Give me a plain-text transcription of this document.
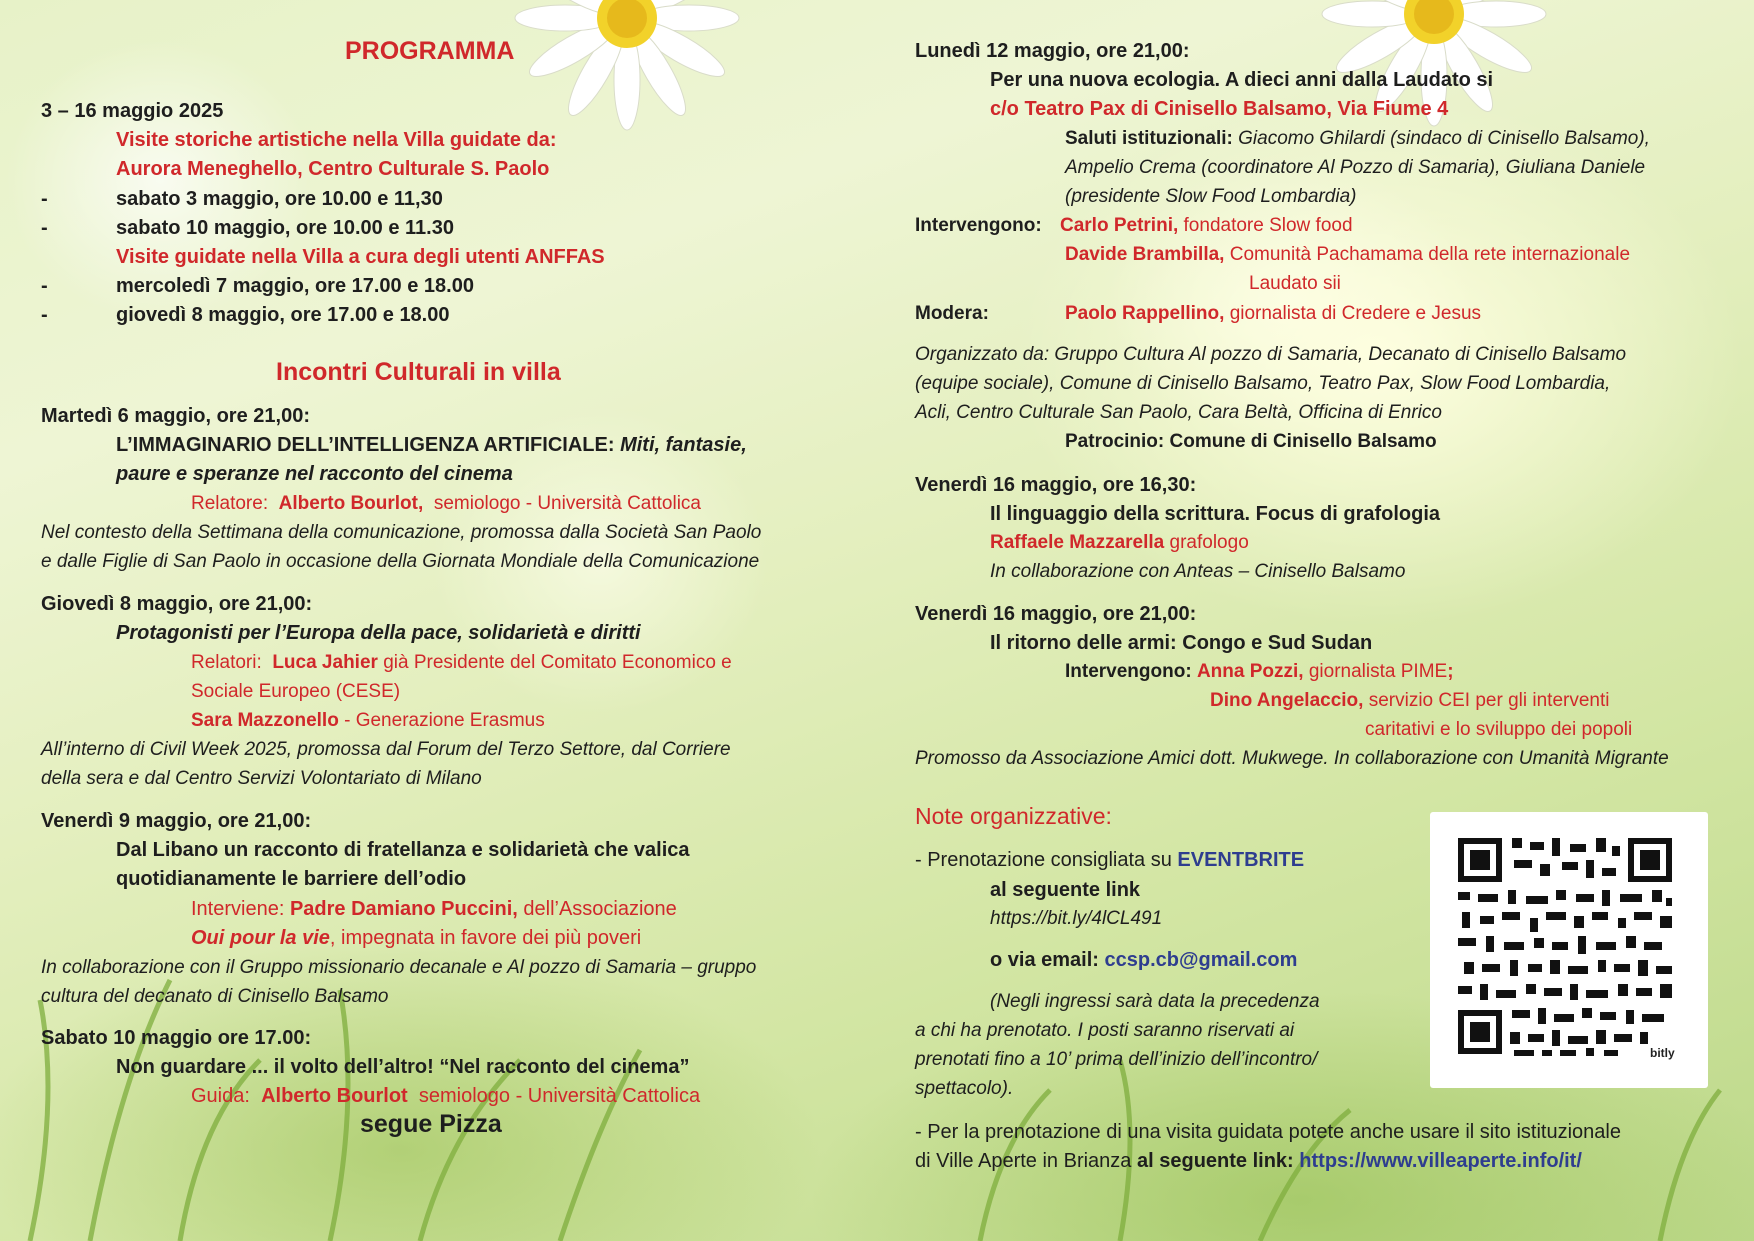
PROGRAMMA
3 – 16 maggio 2025
Visite storiche artistiche nella Villa guidate da:
Aurora Meneghello, Centro Culturale S. Paolo
-	sabato 3 maggio, ore 10.00 e 11,30
-	sabato 10 maggio, ore 10.00 e 11.30
Visite guidate nella Villa a cura degli utenti ANFFAS
-	mercoledì 7 maggio, ore 17.00 e 18.00
-	giovedì 8 maggio, ore 17.00 e 18.00
Incontri Culturali in villa
Martedì 6 maggio, ore 21,00:
L’IMMAGINARIO DELL’INTELLIGENZA ARTIFICIALE: Miti, fantasie,
paure e speranze nel racconto del cinema
Relatore: Alberto Bourlot, semiologo - Università Cattolica
Nel contesto della Settimana della comunicazione, promossa dalla Società San Paolo
e dalle Figlie di San Paolo in occasione della Giornata Mondiale della Comunicazione
Giovedì 8 maggio, ore 21,00:
Protagonisti per l’Europa della pace, solidarietà e diritti
Relatori: Luca Jahier già Presidente del Comitato Economico e
Sociale Europeo (CESE)
Sara Mazzonello - Generazione Erasmus
All’interno di Civil Week 2025, promossa dal Forum del Terzo Settore, dal Corriere
della sera e dal Centro Servizi Volontariato di Milano
Venerdì 9 maggio, ore 21,00:
Dal Libano un racconto di fratellanza e solidarietà che valica
quotidianamente le barriere dell’odio
Interviene: Padre Damiano Puccini, dell’Associazione
Oui pour la vie, impegnata in favore dei più poveri
In collaborazione con il Gruppo missionario decanale e Al pozzo di Samaria – gruppo
cultura del decanato di Cinisello Balsamo
Sabato 10 maggio ore 17.00:
Non guardare ... il volto dell’altro! “Nel racconto del cinema”
Guida: Alberto Bourlot semiologo - Università Cattolica
segue Pizza
Lunedì 12 maggio, ore 21,00:
Per una nuova ecologia. A dieci anni dalla Laudato si
c/o Teatro Pax di Cinisello Balsamo, Via Fiume 4
Saluti istituzionali: Giacomo Ghilardi (sindaco di Cinisello Balsamo),
Ampelio Crema (coordinatore Al Pozzo di Samaria), Giuliana Daniele
(presidente Slow Food Lombardia)
Intervengono: Carlo Petrini, fondatore Slow food
Davide Brambilla, Comunità Pachamama della rete internazionale
Laudato sii
Modera:	Paolo Rappellino, giornalista di Credere e Jesus
Organizzato da: Gruppo Cultura Al pozzo di Samaria, Decanato di Cinisello Balsamo
(equipe sociale), Comune di Cinisello Balsamo, Teatro Pax, Slow Food Lombardia,
Acli, Centro Culturale San Paolo, Cara Beltà, Officina di Enrico
Patrocinio: Comune di Cinisello Balsamo
Venerdì 16 maggio, ore 16,30:
Il linguaggio della scrittura. Focus di grafologia
Raffaele Mazzarella grafologo
In collaborazione con Anteas – Cinisello Balsamo
Venerdì 16 maggio, ore 21,00:
Il ritorno delle armi: Congo e Sud Sudan
Intervengono: Anna Pozzi, giornalista PIME;
Dino Angelaccio, servizio CEI per gli interventi
caritativi e lo sviluppo dei popoli
Promosso da Associazione Amici dott. Mukwege. In collaborazione con Umanità Migrante
Note organizzative:
- Prenotazione consigliata su EVENTBRITE
al seguente link
https://bit.ly/4lCL491
o via email: ccsp.cb@gmail.com
(Negli ingressi sarà data la precedenza
a chi ha prenotato. I posti saranno riservati ai
prenotati fino a 10’ prima dell’inizio dell’incontro/
spettacolo).
- Per la prenotazione di una visita guidata potete anche usare il sito istituzionale
di Ville Aperte in Brianza al seguente link: https://www.villeaperte.info/it/
bitly
